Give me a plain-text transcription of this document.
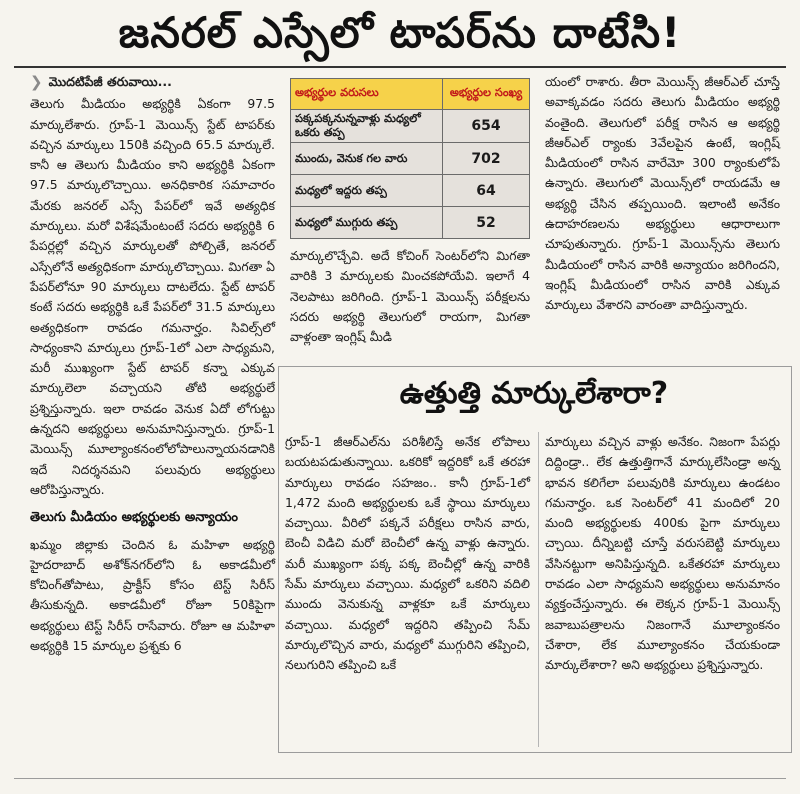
జనరల్ ఎస్సేలో టాపర్‌ను దాటేసి!
❯ మొదటిపేజీ తరువాయి...

తెలుగు మీడియం అభ్యర్థికి ఏకంగా 97.5 మార్కులేశారు. గ్రూప్-1 మెయిన్స్ స్టేట్ టాపర్‌కు వచ్చిన మార్కులు 150కి వచ్చింది 65.5 మార్కులే. కానీ ఆ తెలుగు మీడియం కాని అభ్యర్థికి ఏకంగా 97.5 మార్కులొచ్చాయి. అనధికారిక సమాచారం మేరకు జనరల్ ఎస్సే పేపర్‌లో ఇవే అత్యధిక మార్కులు. మరో విశేషమేంటంటే సదరు అభ్యర్థికి 6 పేపర్లల్లో వచ్చిన మార్కులతో పోల్చితే, జనరల్ ఎస్సేలోనే అత్యధికంగా మార్కులొచ్చాయి. మిగతా ఏ పేపర్‌లోనూ 90 మార్కులు దాటలేదు. స్టేట్ టాపర్ కంటే సదరు అభ్యర్థికి ఒకే పేపర్‌లో 31.5 మార్కులు అత్యధికంగా రావడం గమనార్హం. సివిల్స్‌లో సాధ్యంకాని మార్కులు గ్రూప్-1లో ఎలా సాధ్యమని, మరీ ముఖ్యంగా స్టేట్ టాపర్ కన్నా ఎక్కువ మార్కులెలా వచ్చాయని తోటి అభ్యర్థులే ప్రశ్నిస్తున్నారు. ఇలా రావడం వెనుక ఏదో లోగుట్టు ఉన్నదని అభ్యర్థులు అనుమానిస్తున్నారు. గ్రూప్-1 మెయిన్స్ మూల్యాంకనంలోలోపాలున్నాయనడానికి ఇదే నిదర్శనమని పలువురు అభ్యర్థులు ఆరోపిస్తున్నారు.

తెలుగు మీడియం అభ్యర్థులకు అన్యాయం

ఖమ్మం జిల్లాకు చెందిన ఓ మహిళా అభ్యర్థి హైదరాబాద్ అశోక్‌నగర్‌లోని ఓ అకాడమీలో కోచింగ్‌తోపాటు, ప్రాక్టీస్ కోసం టెస్ట్ సిరీస్ తీసుకున్నది. అకాడమీలో రోజూ 50కిపైగా అభ్యర్థులు టెస్ట్ సిరీస్ రాసేవారు. రోజూ ఆ మహిళా అభ్యర్థికి 15 మార్కుల ప్రశ్నకు 6

అభ్యర్థుల వరుసలు	అభ్యర్థుల సంఖ్య
పక్కపక్కనున్నవాళ్లు మధ్యలో ఒకరు తప్ప	654
ముందు, వెనుక గల వారు	702
మధ్యలో ఇద్దరు తప్ప	64
మధ్యలో ముగ్గురు తప్ప	52

మార్కులొచ్చేవి. అదే కోచింగ్ సెంటర్‌లోని మిగతా వారికి 3 మార్కులకు మించకపోయేవి. ఇలాగే 4 నెలపాటు జరిగింది. గ్రూప్-1 మెయిన్స్ పరీక్షలను సదరు అభ్యర్థి తెలుగులో రాయగా, మిగతా వాళ్లంతా ఇంగ్లిష్ మీడి

యంలో రాశారు. తీరా మెయిన్స్ జీఆర్‌ఎల్ చూస్తే అవాక్కవడం సదరు తెలుగు మీడియం అభ్యర్థి వంతైంది. తెలుగులో పరీక్ష రాసిన ఆ అభ్యర్థి జీఆర్‌ఎల్ ర్యాంకు 3వేలపైన ఉంటే, ఇంగ్లిష్ మీడియంలో రాసిన వారేమో 300 ర్యాంకులోపే ఉన్నారు. తెలుగులో మెయిన్స్‌లో రాయడమే ఆ అభ్యర్థి చేసిన తప్పయింది. ఇలాంటి అనేకం ఉదాహరణలను అభ్యర్థులు ఆధారాలుగా చూపుతున్నారు. గ్రూప్-1 మెయిన్స్‌ను తెలుగు మీడియంలో రాసిన వారికి అన్యాయం జరిగిందని, ఇంగ్లిష్ మీడియంలో రాసిన వారికి ఎక్కువ మార్కులు వేశారని వారంతా వాదిస్తున్నారు.

ఉత్తుత్తి మార్కులేశారా?

గ్రూప్-1 జీఆర్‌ఎల్‌ను పరిశీలిస్తే అనేక లోపాలు బయటపడుతున్నాయి. ఒకరికో ఇద్దరికో ఒకే తరహా మార్కులు రావడం సహజం.. కానీ గ్రూప్-1లో 1,472 మంది అభ్యర్థులకు ఒకే స్థాయి మార్కులు వచ్చాయి. వీరిలో పక్కనే పరీక్షలు రాసిన వారు, బెంచీ విడిచి మరో బెంచీలో ఉన్న వాళ్లు ఉన్నారు. మరీ ముఖ్యంగా పక్క పక్క బెంచీల్లో ఉన్న వారికి సేమ్ మార్కులు వచ్చాయి. మధ్యలో ఒకరిని వదిలి ముందు వెనుకున్న వాళ్లకూ ఒకే మార్కులు వచ్చాయి. మధ్యలో ఇద్దరిని తప్పించి సేమ్ మార్కులొచ్చిన వారు, మధ్యలో ముగ్గురిని తప్పించి, నలుగురిని తప్పించి ఒకే

మార్కులు వచ్చిన వాళ్లు అనేకం. నిజంగా పేపర్లు దిద్దిండ్రా.. లేక ఉత్తుత్తిగానే మార్కులేసిండ్రా అన్న భావన కలిగేలా పలువురికి మార్కులు ఉండటం గమనార్హం. ఒక సెంటర్‌లో 41 మందిలో 20 మంది అభ్యర్థులకు 400కు పైగా మార్కులు చ్చాయి. దీన్నిబట్టి చూస్తే వరుసబెట్టి మార్కులు వేసినట్టుగా అనిపిస్తున్నది. ఒకేతరహా మార్కులు రావడం ఎలా సాధ్యమని అభ్యర్థులు అనుమానం వ్యక్తంచేస్తున్నారు. ఈ లెక్కన గ్రూప్-1 మెయిన్స్ జవాబుపత్రాలను నిజంగానే మూల్యాంకనం చేశారా, లేక మూల్యాంకనం చేయకుండా మార్కులేశారా? అని అభ్యర్థులు ప్రశ్నిస్తున్నారు.
